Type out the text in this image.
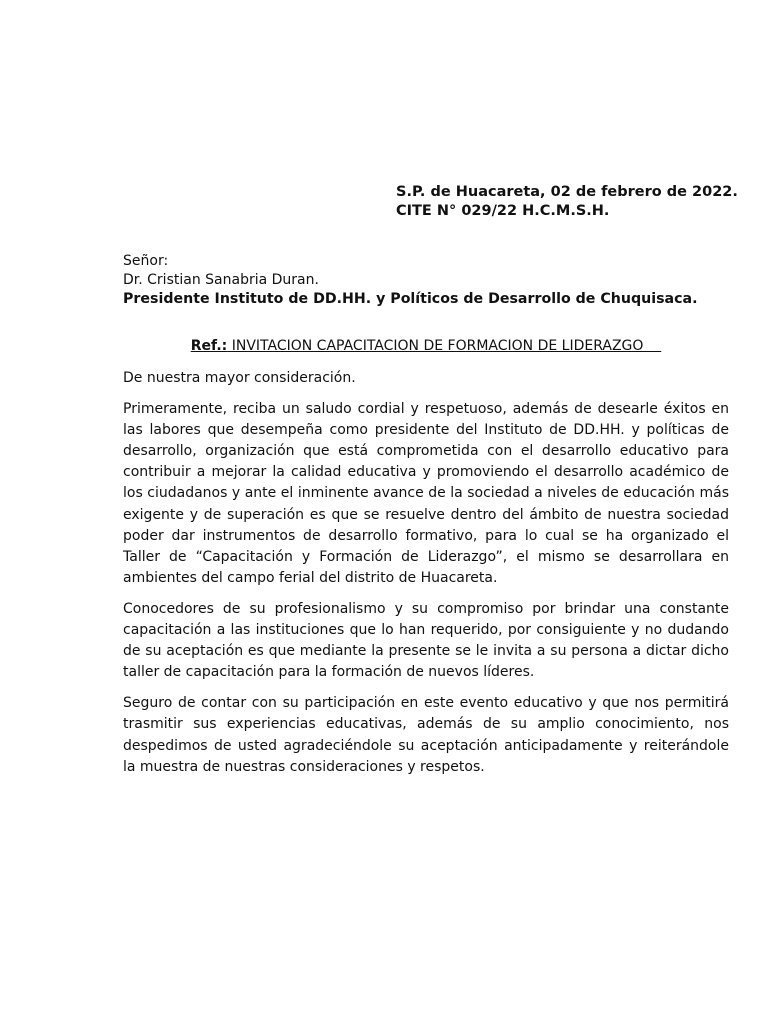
S.P. de Huacareta, 02 de febrero de 2022.
CITE N° 029/22 H.C.M.S.H.
Señor:
Dr. Cristian Sanabria Duran.
Presidente Instituto de DD.HH. y Políticos de Desarrollo de Chuquisaca.
Ref.: INVITACION CAPACITACION DE FORMACION DE LIDERAZGO

De nuestra mayor consideración.

Primeramente, reciba un saludo cordial y respetuoso, además de desearle éxitos en las labores que desempeña como presidente del Instituto de DD.HH. y políticas de desarrollo, organización que está comprometida con el desarrollo educativo para contribuir a mejorar la calidad educativa y promoviendo el desarrollo académico de los ciudadanos y ante el inminente avance de la sociedad a niveles de educación más exigente y de superación es que se resuelve dentro del ámbito de nuestra sociedad poder dar instrumentos de desarrollo formativo, para lo cual se ha organizado el Taller de “Capacitación y Formación de Liderazgo”, el mismo se desarrollara en ambientes del campo ferial del distrito de Huacareta.

Conocedores de su profesionalismo y su compromiso por brindar una constante capacitación a las instituciones que lo han requerido, por consiguiente y no dudando de su aceptación es que mediante la presente se le invita a su persona a dictar dicho taller de capacitación para la formación de nuevos líderes.

Seguro de contar con su participación en este evento educativo y que nos permitirá trasmitir sus experiencias educativas, además de su amplio conocimiento, nos despedimos de usted agradeciéndole su aceptación anticipadamente y reiterándole la muestra de nuestras consideraciones y respetos.
